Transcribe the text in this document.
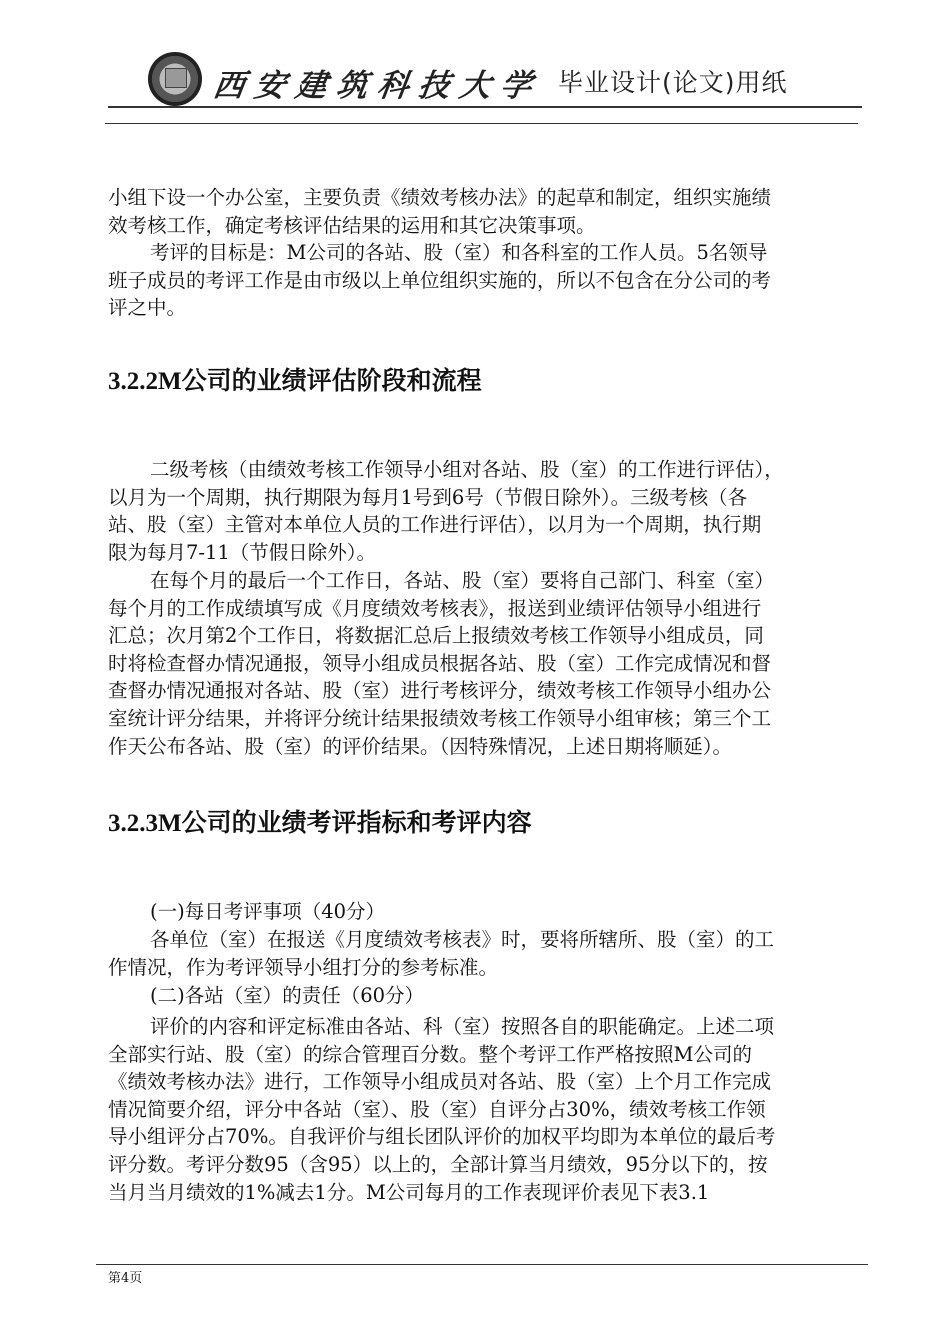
西安建筑科技大学 毕业设计(论文)用纸
小组下设一个办公室，主要负责《绩效考核办法》的起草和制定，组织实施绩
效考核工作，确定考核评估结果的运用和其它决策事项。
考评的目标是：M公司的各站、股（室）和各科室的工作人员。5名领导
班子成员的考评工作是由市级以上单位组织实施的，所以不包含在分公司的考
评之中。
3.2.2M公司的业绩评估阶段和流程
二级考核（由绩效考核工作领导小组对各站、股（室）的工作进行评估），
以月为一个周期，执行期限为每月1号到6号（节假日除外）。三级考核（各
站、股（室）主管对本单位人员的工作进行评估），以月为一个周期，执行期
限为每月7-11（节假日除外）。
在每个月的最后一个工作日，各站、股（室）要将自己部门、科室（室）
每个月的工作成绩填写成《月度绩效考核表》，报送到业绩评估领导小组进行
汇总；次月第2个工作日，将数据汇总后上报绩效考核工作领导小组成员，同
时将检查督办情况通报，领导小组成员根据各站、股（室）工作完成情况和督
查督办情况通报对各站、股（室）进行考核评分，绩效考核工作领导小组办公
室统计评分结果，并将评分统计结果报绩效考核工作领导小组审核；第三个工
作天公布各站、股（室）的评价结果。（因特殊情况，上述日期将顺延）。
3.2.3M公司的业绩考评指标和考评内容
(一)每日考评事项（40分）
各单位（室）在报送《月度绩效考核表》时，要将所辖所、股（室）的工
作情况，作为考评领导小组打分的参考标准。
(二)各站（室）的责任（60分）
评价的内容和评定标准由各站、科（室）按照各自的职能确定。上述二项
全部实行站、股（室）的综合管理百分数。整个考评工作严格按照M公司的
《绩效考核办法》进行，工作领导小组成员对各站、股（室）上个月工作完成
情况简要介绍，评分中各站（室）、股（室）自评分占30%，绩效考核工作领
导小组评分占70%。自我评价与组长团队评价的加权平均即为本单位的最后考
评分数。考评分数95（含95）以上的，全部计算当月绩效，95分以下的，按
当月当月绩效的1%减去1分。M公司每月的工作表现评价表见下表3.1
第4页
